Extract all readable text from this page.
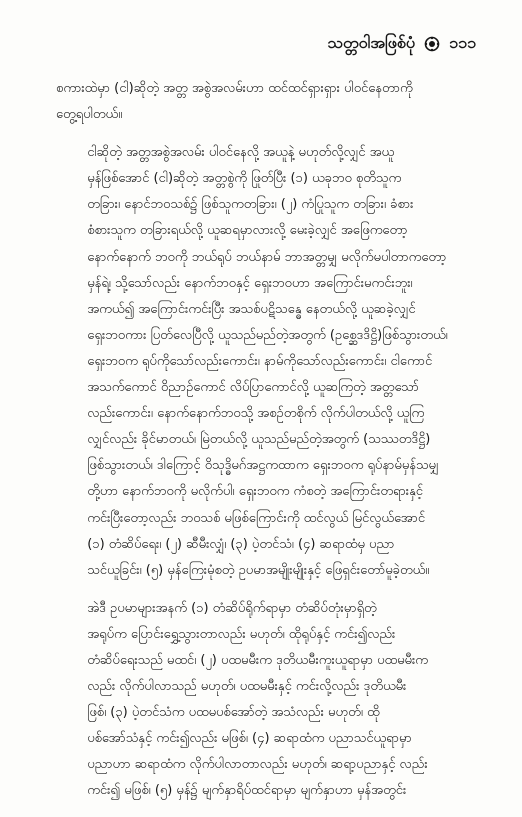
သတ္တဝါအဖြစ်ပုံ ၁၁၁
စကားထဲမှာ (ငါ)ဆိုတဲ့ အတ္တ အစွဲအလမ်းဟာ ထင်ထင်ရှားရှား ပါဝင်နေတာကို
တွေ့ရပါတယ်။
ငါဆိုတဲ့ အတ္တအစွဲအလမ်း ပါဝင်နေလို့ အယူနဲ့ မဟုတ်လို့လျှင် အယူ
မှန်ဖြစ်အောင် (ငါ)ဆိုတဲ့ အတ္တစွဲကို ဖြုတ်ပြီး (၁) ယခုဘဝ စုတိသူက
တခြား၊ နောင်ဘဝသစ်၌ ဖြစ်သူကတခြား၊ (၂) ကံပြုသူက တခြား၊ ခံစား
စံစားသူက တခြားရယ်လို့ ယူဆရမှာလားလို့ မေးခဲ့လျှင် အဖြေကတော့
နောက်နောက် ဘဝကို ဘယ်ရုပ် ဘယ်နာမ် ဘာအတ္တမျှ မလိုက်မပါတာကတော့
မှန်ရဲ့၊ သို့သော်လည်း နောက်ဘဝနှင့် ရှေးဘဝဟာ အကြောင်းမကင်းဘူး၊
အကယ်၍ အကြောင်းကင်းပြီး အသစ်ပဋိသန္ဓေ နေတယ်လို့ ယူဆခဲ့လျှင်
ရှေးဘဝကား ပြတ်လေပြီလို့ ယူသည်မည်တဲ့အတွက် (ဥစ္ဆေဒဒိဋ္ဌိ)ဖြစ်သွားတယ်၊
ရှေးဘဝက ရုပ်ကိုသော်လည်းကောင်း၊ နာမ်ကိုသော်လည်းကောင်း၊ ငါကောင်
အသက်ကောင် ဝိညာဉ်ကောင် လိပ်ပြာကောင်လို့ ယူဆကြတဲ့ အတ္တသော်
လည်းကောင်း၊ နောက်နောက်ဘဝသို့ အစဉ်တစိုက် လိုက်ပါတယ်လို့ ယူကြ
လျှင်လည်း ခိုင်မာတယ်၊ မြဲတယ်လို့ ယူသည်မည်တဲ့အတွက် (သဿတဒိဋ္ဌိ)
ဖြစ်သွားတယ်၊ ဒါကြောင့် ဝိသုဒ္ဓိမဂ်အဋ္ဌကထာက ရှေးဘဝက ရုပ်နာမ်မှန်သမျှ
တို့ဟာ နောက်ဘဝကို မလိုက်ပါ၊ ရှေးဘဝက ကံစတဲ့ အကြောင်းတရားနှင့်
ကင်းပြီးတော့လည်း ဘဝသစ် မဖြစ်ကြောင်းကို ထင်လွယ် မြင်လွယ်အောင်
(၁) တံဆိပ်ရေး၊ (၂) ဆီမီးလျှံ၊ (၃) ပဲ့တင်သံ၊ (၄) ဆရာထံမှ ပညာ
သင်ယူခြင်း၊ (၅) မှန်ကြေးမုံစတဲ့ ဥပမာအမျိုးမျိုးနှင့် ဖြေရှင်းတော်မူခဲ့တယ်။
အဲဒီ ဥပမာများအနက် (၁) တံဆိပ်ရိုက်ရာမှာ တံဆိပ်တုံးမှာရှိတဲ့
အရုပ်က ပြောင်းရွှေ့သွားတာလည်း မဟုတ်၊ ထိုရုပ်နှင့် ကင်း၍လည်း
တံဆိပ်ရေးသည် မထင်၊ (၂) ပထမမီးက ဒုတိယမီးကူးယူရာမှာ ပထမမီးက
လည်း လိုက်ပါလာသည် မဟုတ်၊ ပထမမီးနှင့် ကင်းလို့လည်း ဒုတိယမီး
ဖြစ်၊ (၃) ပဲ့တင်သံက ပထမပစ်အော်တဲ့ အသံလည်း မဟုတ်၊ ထို
ပစ်အော်သံနှင့် ကင်း၍လည်း မဖြစ်၊ (၄) ဆရာထံက ပညာသင်ယူရာမှာ
ပညာဟာ ဆရာထံက လိုက်ပါလာတာလည်း မဟုတ်၊ ဆရာ့ပညာနှင့် လည်း
ကင်း၍ မဖြစ်၊ (၅) မှန်၌ မျက်နှာရိပ်ထင်ရာမှာ မျက်နှာဟာ မှန်အတွင်း
